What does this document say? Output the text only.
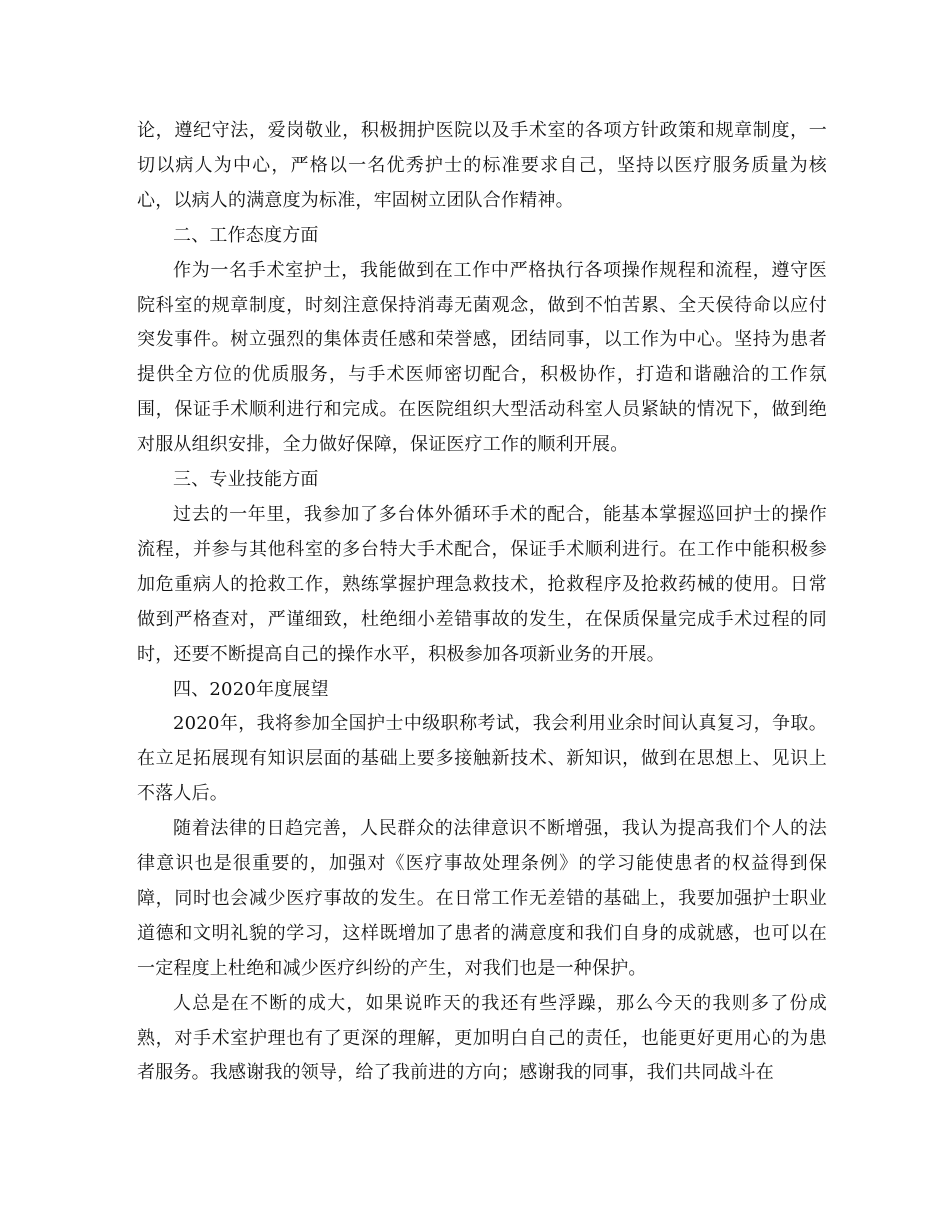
论，遵纪守法，爱岗敬业，积极拥护医院以及手术室的各项方针政策和规章制度，一切以病人为中心，严格以一名优秀护士的标准要求自己，坚持以医疗服务质量为核心，以病人的满意度为标准，牢固树立团队合作精神。

二、工作态度方面

作为一名手术室护士，我能做到在工作中严格执行各项操作规程和流程，遵守医院科室的规章制度，时刻注意保持消毒无菌观念，做到不怕苦累、全天侯待命以应付突发事件。树立强烈的集体责任感和荣誉感，团结同事，以工作为中心。坚持为患者提供全方位的优质服务，与手术医师密切配合，积极协作，打造和谐融洽的工作氛围，保证手术顺利进行和完成。在医院组织大型活动科室人员紧缺的情况下，做到绝对服从组织安排，全力做好保障，保证医疗工作的顺利开展。

三、专业技能方面

过去的一年里，我参加了多台体外循环手术的配合，能基本掌握巡回护士的操作流程，并参与其他科室的多台特大手术配合，保证手术顺利进行。在工作中能积极参加危重病人的抢救工作，熟练掌握护理急救技术，抢救程序及抢救药械的使用。日常做到严格查对，严谨细致，杜绝细小差错事故的发生，在保质保量完成手术过程的同时，还要不断提高自己的操作水平，积极参加各项新业务的开展。

四、2020年度展望

2020年，我将参加全国护士中级职称考试，我会利用业余时间认真复习，争取。在立足拓展现有知识层面的基础上要多接触新技术、新知识，做到在思想上、见识上不落人后。

随着法律的日趋完善，人民群众的法律意识不断增强，我认为提高我们个人的法律意识也是很重要的，加强对《医疗事故处理条例》的学习能使患者的权益得到保障，同时也会减少医疗事故的发生。在日常工作无差错的基础上，我要加强护士职业道德和文明礼貌的学习，这样既增加了患者的满意度和我们自身的成就感，也可以在一定程度上杜绝和减少医疗纠纷的产生，对我们也是一种保护。

人总是在不断的成大，如果说昨天的我还有些浮躁，那么今天的我则多了份成熟，对手术室护理也有了更深的理解，更加明白自己的责任，也能更好更用心的为患者服务。我感谢我的领导，给了我前进的方向；感谢我的同事，我们共同战斗在
